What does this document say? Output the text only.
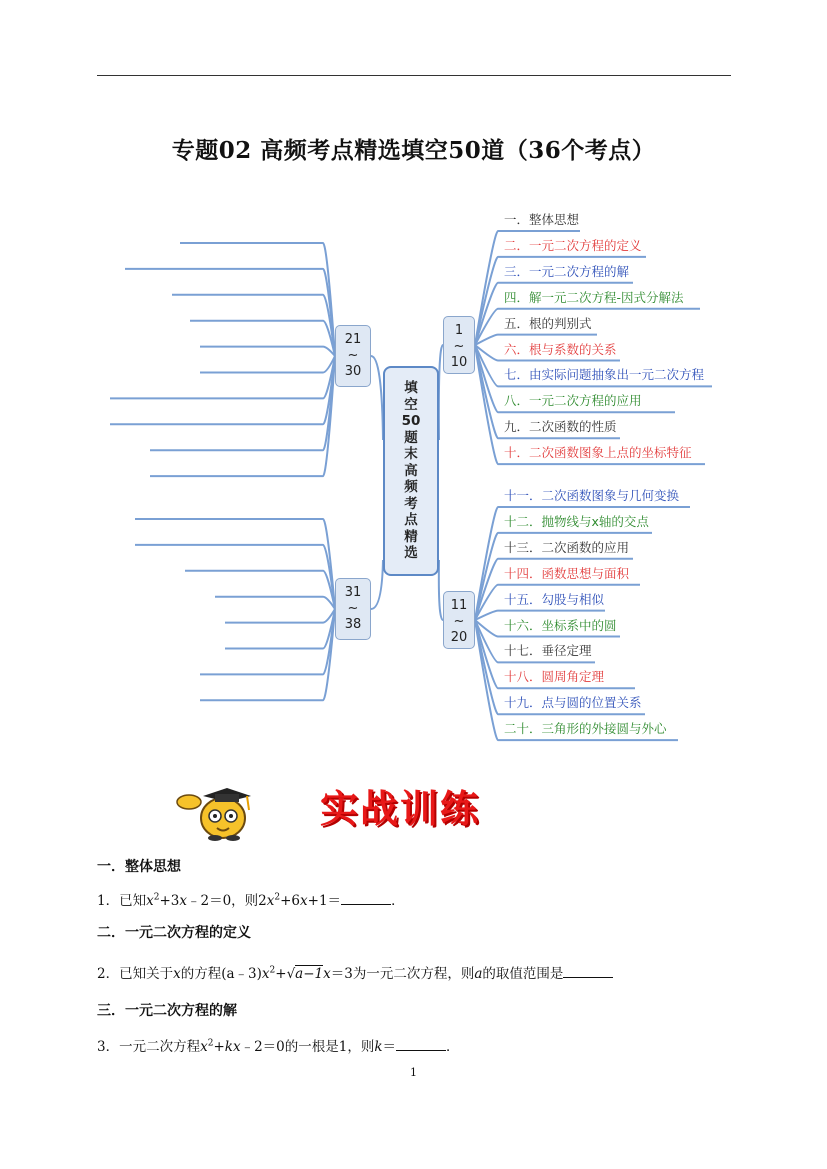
专题02 高频考点精选填空50道（36个考点）
1
~
10
11
~
20
21
~
30
31
~
38
一．整体思想
二．一元二次方程的定义
三．一元二次方程的解
四．解一元二次方程-因式分解法
五．根的判别式
六．根与系数的关系
七．由实际问题抽象出一元二次方程
八．一元二次方程的应用
九．二次函数的性质
十．二次函数图象上点的坐标特征
十一．二次函数图象与几何变换
十二．抛物线与x轴的交点
十三．二次函数的应用
十四．函数思想与面积
十五．勾股与相似
十六．坐标系中的圆
十七．垂径定理
十八．圆周角定理
十九．点与圆的位置关系
二十．三角形的外接圆与外心
填
空
50
题
末
高
频
考
点
精
选
实战训练
一．整体思想
1．已知$x^2+3x﹣2=0$，则$2x^2+6x+1=$	．
二．一元二次方程的定义
2．已知关于x的方程$(a﹣3)x^2+√a-1x=3$为一元二次方程，则a的取值范围是
三．一元二次方程的解
3．一元二次方程$x^2+kx﹣2=0$的一根是1，则k＝	．
1
